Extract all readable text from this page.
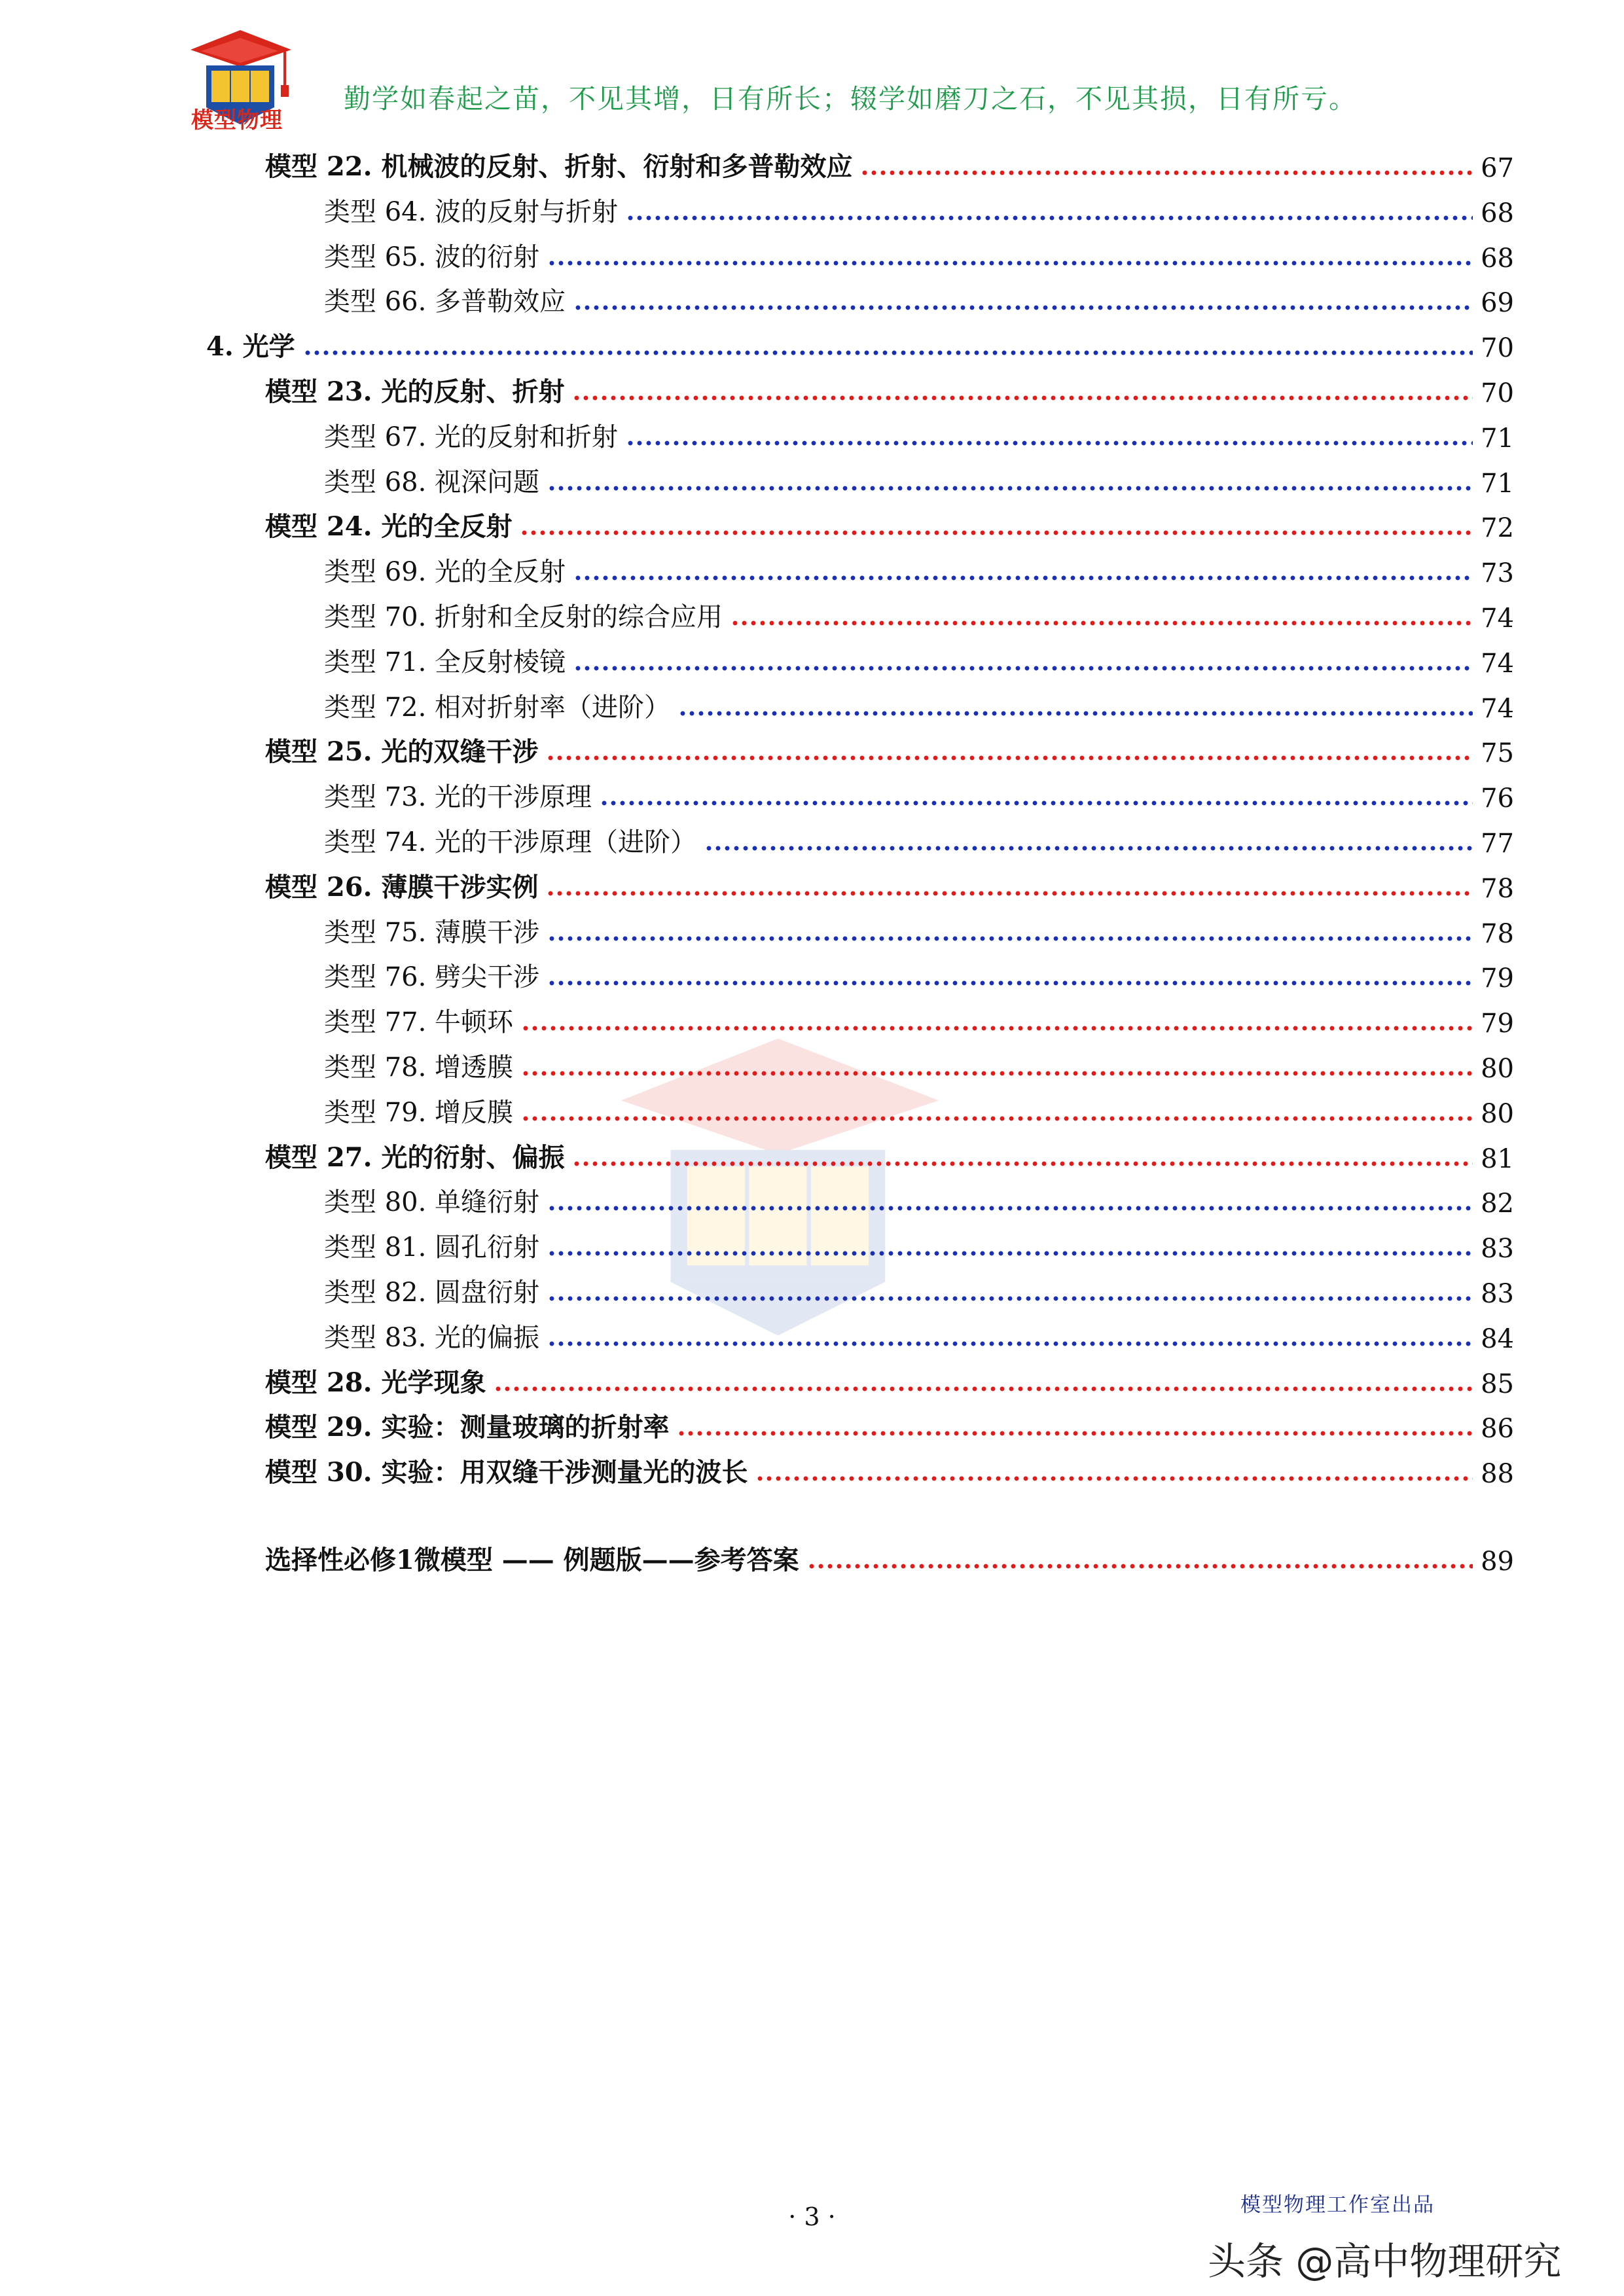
模型物理
勤学如春起之苗，不见其增，日有所长；辍学如磨刀之石，不见其损，日有所亏。
模型 22. 机械波的反射、折射、衍射和多普勒效应	67
类型 64. 波的反射与折射	68
类型 65. 波的衍射	68
类型 66. 多普勒效应	69
4. 光学	70
模型 23. 光的反射、折射	70
类型 67. 光的反射和折射	71
类型 68. 视深问题	71
模型 24. 光的全反射	72
类型 69. 光的全反射	73
类型 70. 折射和全反射的综合应用	74
类型 71. 全反射棱镜	74
类型 72. 相对折射率（进阶）	74
模型 25. 光的双缝干涉	75
类型 73. 光的干涉原理	76
类型 74. 光的干涉原理（进阶）	77
模型 26. 薄膜干涉实例	78
类型 75. 薄膜干涉	78
类型 76. 劈尖干涉	79
类型 77. 牛顿环	79
类型 78. 增透膜	80
类型 79. 增反膜	80
模型 27. 光的衍射、偏振	81
类型 80. 单缝衍射	82
类型 81. 圆孔衍射	83
类型 82. 圆盘衍射	83
类型 83. 光的偏振	84
模型 28. 光学现象	85
模型 29. 实验：测量玻璃的折射率	86
模型 30. 实验：用双缝干涉测量光的波长	88
选择性必修1微模型 —— 例题版——参考答案	89
· 3 ·	模型物理工作室出品
头条 @高中物理研究
